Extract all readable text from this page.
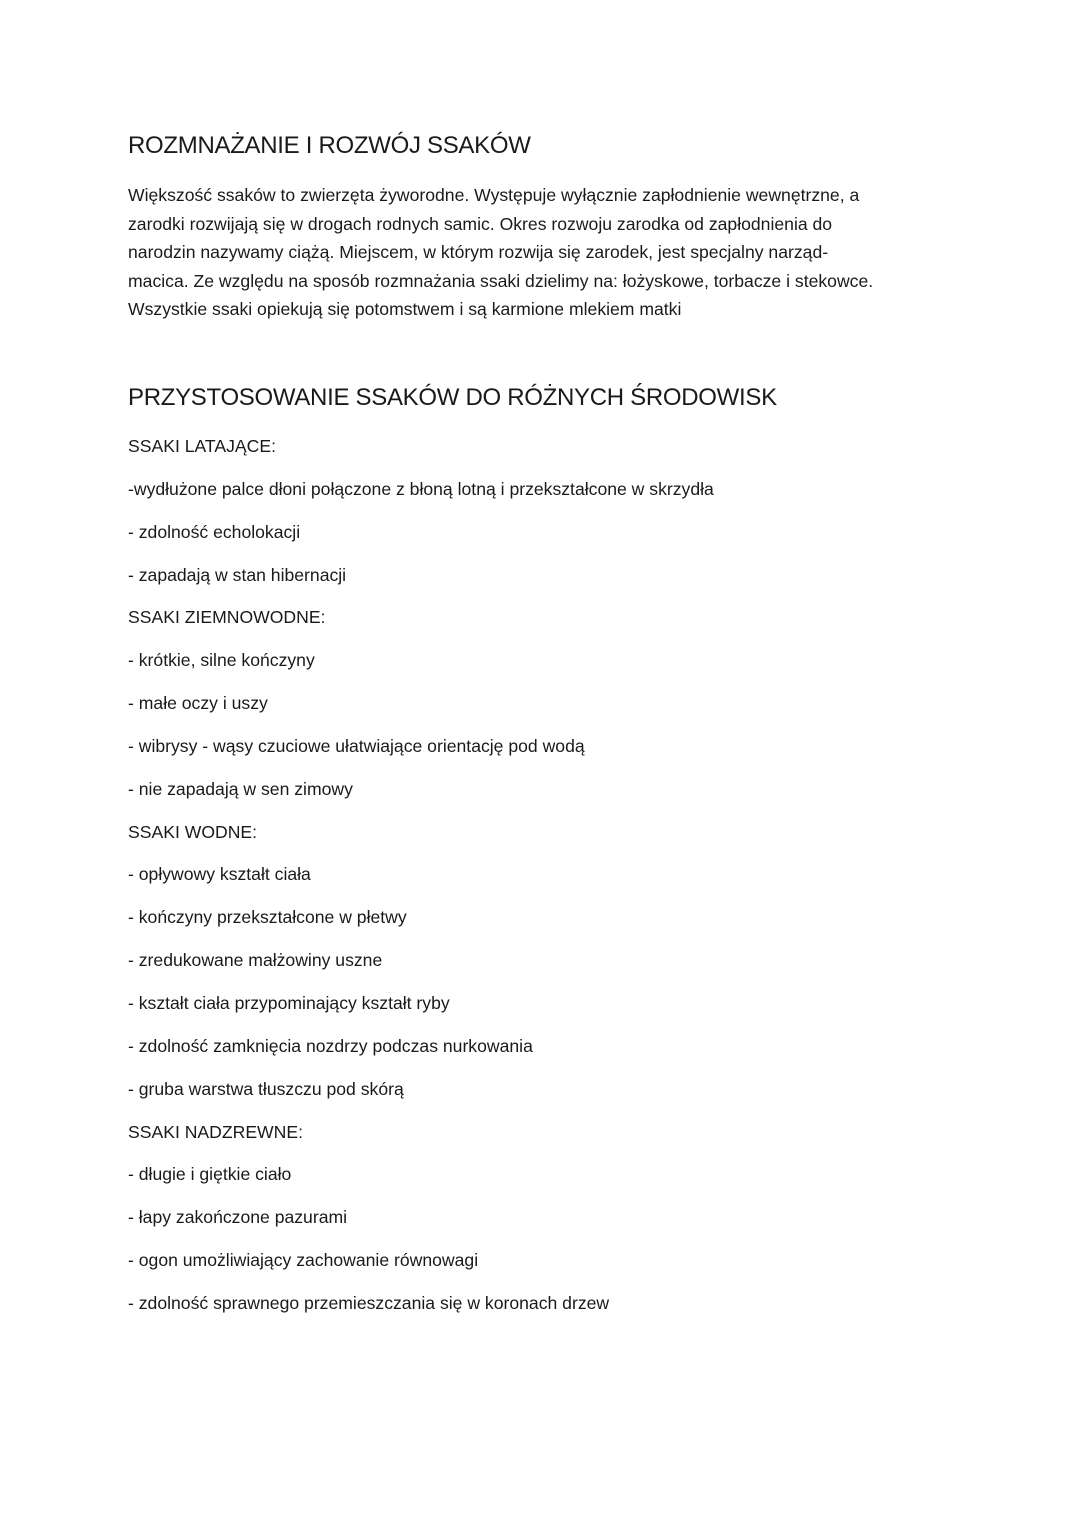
ROZMNAŻANIE I ROZWÓJ SSAKÓW
Większość ssaków to zwierzęta żyworodne. Występuje wyłącznie zapłodnienie wewnętrzne, a
zarodki rozwijają się w drogach rodnych samic. Okres rozwoju zarodka od zapłodnienia do
narodzin nazywamy ciążą. Miejscem, w którym rozwija się zarodek, jest specjalny narząd-
macica. Ze względu na sposób rozmnażania ssaki dzielimy na: łożyskowe, torbacze i stekowce.
Wszystkie ssaki opiekują się potomstwem i są karmione mlekiem matki
PRZYSTOSOWANIE SSAKÓW DO RÓŻNYCH ŚRODOWISK
SSAKI LATAJĄCE:
-wydłużone palce dłoni połączone z błoną lotną i przekształcone w skrzydła
- zdolność echolokacji
- zapadają w stan hibernacji
SSAKI ZIEMNOWODNE:
- krótkie, silne kończyny
- małe oczy i uszy
- wibrysy - wąsy czuciowe ułatwiające orientację pod wodą
- nie zapadają w sen zimowy
SSAKI WODNE:
- opływowy kształt ciała
- kończyny przekształcone w płetwy
- zredukowane małżowiny uszne
- kształt ciała przypominający kształt ryby
- zdolność zamknięcia nozdrzy podczas nurkowania
- gruba warstwa tłuszczu pod skórą
SSAKI NADZREWNE:
- długie i giętkie ciało
- łapy zakończone pazurami
- ogon umożliwiający zachowanie równowagi
- zdolność sprawnego przemieszczania się w koronach drzew
